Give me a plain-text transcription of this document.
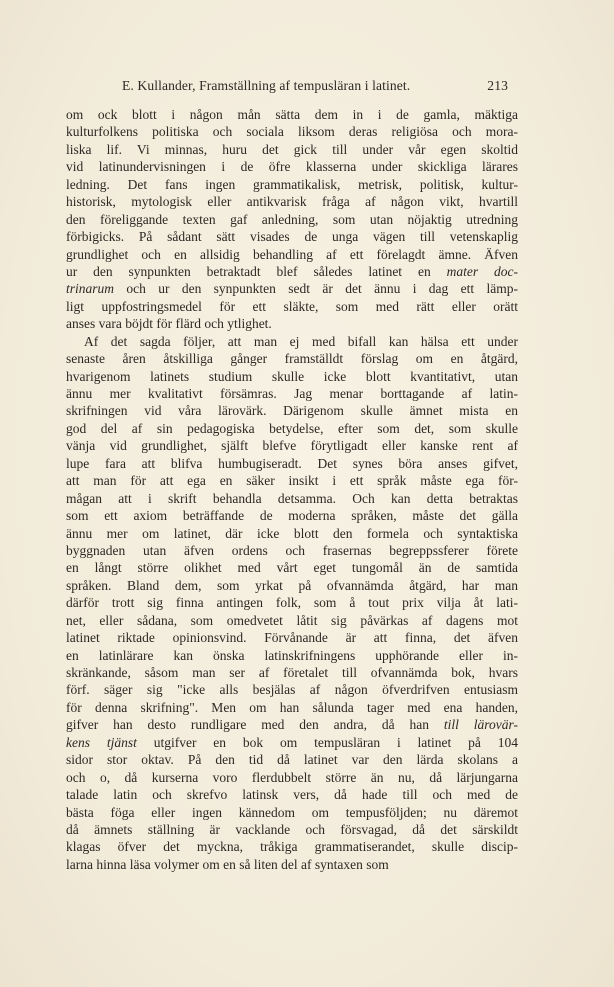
E. Kullander, Framställning af tempusläran i latinet.	213
om ock blott i någon mån sätta dem in i de gamla, mäktiga
kulturfolkens politiska och sociala liksom deras religiösa och mora-
liska lif. Vi minnas, huru det gick till under vår egen skoltid
vid latinundervisningen i de öfre klasserna under skickliga lärares
ledning. Det fans ingen grammatikalisk, metrisk, politisk, kultur-
historisk, mytologisk eller antikvarisk fråga af någon vikt, hvartill
den föreliggande texten gaf anledning, som utan nöjaktig utredning
förbigicks. På sådant sätt visades de unga vägen till vetenskaplig
grundlighet och en allsidig behandling af ett förelagdt ämne. Äfven
ur den synpunkten betraktadt blef således latinet en mater doc-
trinarum och ur den synpunkten sedt är det ännu i dag ett lämp-
ligt uppfostringsmedel för ett släkte, som med rätt eller orätt
anses vara böjdt för flärd och ytlighet.
Af det sagda följer, att man ej med bifall kan hälsa ett under
senaste åren åtskilliga gånger framställdt förslag om en åtgärd,
hvarigenom latinets studium skulle icke blott kvantitativt, utan
ännu mer kvalitativt försämras. Jag menar borttagande af latin-
skrifningen vid våra lärovärk. Därigenom skulle ämnet mista en
god del af sin pedagogiska betydelse, efter som det, som skulle
vänja vid grundlighet, själft blefve förytligadt eller kanske rent af
lupe fara att blifva humbugiseradt. Det synes böra anses gifvet,
att man för att ega en säker insikt i ett språk måste ega för-
mågan att i skrift behandla detsamma. Och kan detta betraktas
som ett axiom beträffande de moderna språken, måste det gälla
ännu mer om latinet, där icke blott den formela och syntaktiska
byggnaden utan äfven ordens och frasernas begreppssferer förete
en långt större olikhet med vårt eget tungomål än de samtida
språken. Bland dem, som yrkat på ofvannämda åtgärd, har man
därför trott sig finna antingen folk, som å tout prix vilja åt lati-
net, eller sådana, som omedvetet låtit sig påvärkas af dagens mot
latinet riktade opinionsvind. Förvånande är att finna, det äfven
en latinlärare kan önska latinskrifningens upphörande eller in-
skränkande, såsom man ser af företalet till ofvannämda bok, hvars
förf. säger sig "icke alls besjälas af någon öfverdrifven entusiasm
för denna skrifning". Men om han sålunda tager med ena handen,
gifver han desto rundligare med den andra, då han till lärovär-
kens tjänst utgifver en bok om tempusläran i latinet på 104
sidor stor oktav. På den tid då latinet var den lärda skolans a
och o, då kurserna voro flerdubbelt större än nu, då lärjungarna
talade latin och skrefvo latinsk vers, då hade till och med de
bästa föga eller ingen kännedom om tempusföljden; nu däremot
då ämnets ställning är vacklande och försvagad, då det särskildt
klagas öfver det myckna, tråkiga grammatiserandet, skulle discip-
larna hinna läsa volymer om en så liten del af syntaxen som
